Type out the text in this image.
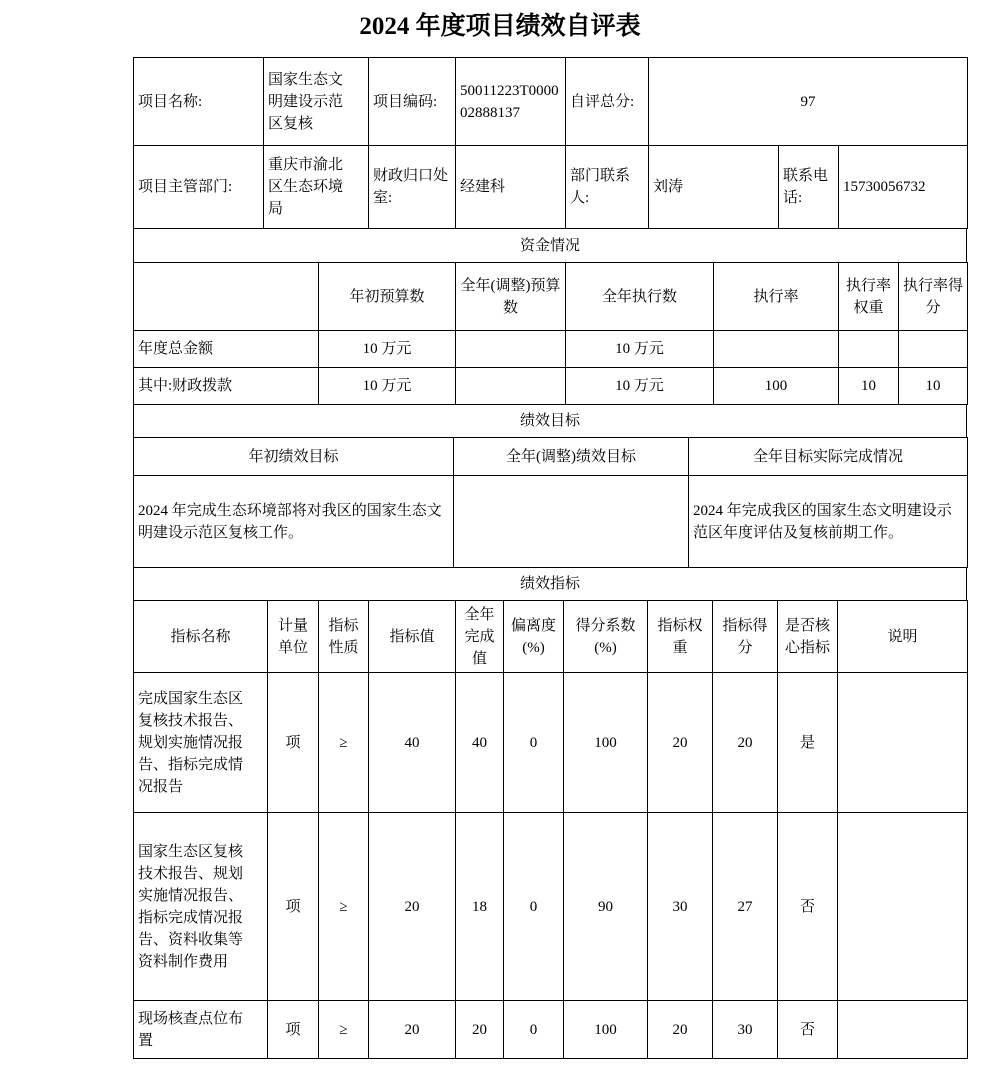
2024 年度项目绩效自评表
项目名称:	国家生态文明建设示范区复核	项目编码:	50011223T000002888137	自评总分:	97		
项目主管部门:	重庆市渝北区生态环境局	财政归口处室:	经建科	部门联系人:	刘涛	联系电话:	15730056732
资金情况
	年初预算数	全年(调整)预算数	全年执行数	执行率	执行率权重	执行率得分
年度总金额	10 万元		10 万元			
其中:财政拨款	10 万元		10 万元	100	10	10
绩效目标
年初绩效目标	全年(调整)绩效目标	全年目标实际完成情况
2024 年完成生态环境部将对我区的国家生态文明建设示范区复核工作。		2024 年完成我区的国家生态文明建设示范区年度评估及复核前期工作。
绩效指标
指标名称	计量单位	指标性质	指标值	全年完成值	偏离度(%)	得分系数(%)	指标权重	指标得分	是否核心指标	说明
完成国家生态区复核技术报告、规划实施情况报告、指标完成情况报告	项	≥	40	40	0	100	20	20	是	
国家生态区复核技术报告、规划实施情况报告、指标完成情况报告、资料收集等资料制作费用	项	≥	20	18	0	90	30	27	否	
现场核查点位布置	项	≥	20	20	0	100	20	30	否	
